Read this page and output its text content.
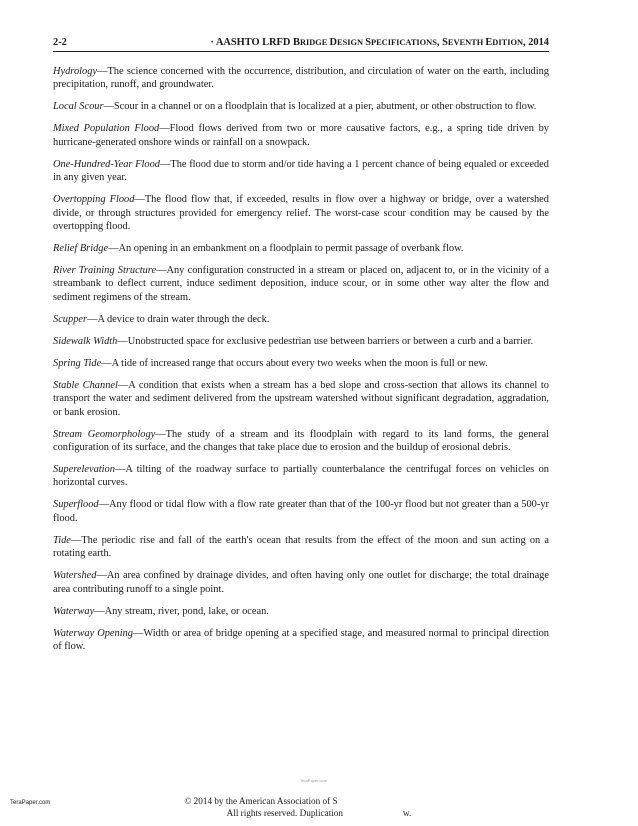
2-2	· AASHTO LRFD BRIDGE DESIGN SPECIFICATIONS, SEVENTH EDITION, 2014

Hydrology—The science concerned with the occurrence, distribution, and circulation of water on the earth, including precipitation, runoff, and groundwater.

Local Scour—Scour in a channel or on a floodplain that is localized at a pier, abutment, or other obstruction to flow.

Mixed Population Flood—Flood flows derived from two or more causative factors, e.g., a spring tide driven by hurricane-generated onshore winds or rainfall on a snowpack.

One-Hundred-Year Flood—The flood due to storm and/or tide having a 1 percent chance of being equaled or exceeded in any given year.

Overtopping Flood—The flood flow that, if exceeded, results in flow over a highway or bridge, over a watershed divide, or through structures provided for emergency relief. The worst-case scour condition may be caused by the overtopping flood.

Relief Bridge—An opening in an embankment on a floodplain to permit passage of overbank flow.

River Training Structure—Any configuration constructed in a stream or placed on, adjacent to, or in the vicinity of a streambank to deflect current, induce sediment deposition, induce scour, or in some other way alter the flow and sediment regimens of the stream.

Scupper—A device to drain water through the deck.

Sidewalk Width—Unobstructed space for exclusive pedestrian use between barriers or between a curb and a barrier.

Spring Tide—A tide of increased range that occurs about every two weeks when the moon is full or new.

Stable Channel—A condition that exists when a stream has a bed slope and cross-section that allows its channel to transport the water and sediment delivered from the upstream watershed without significant degradation, aggradation, or bank erosion.

Stream Geomorphology—The study of a stream and its floodplain with regard to its land forms, the general configuration of its surface, and the changes that take place due to erosion and the buildup of erosional debris.

Superelevation—A tilting of the roadway surface to partially counterbalance the centrifugal forces on vehicles on horizontal curves.

Superflood—Any flood or tidal flow with a flow rate greater than that of the 100-yr flood but not greater than a 500-yr flood.

Tide—The periodic rise and fall of the earth's ocean that results from the effect of the moon and sun acting on a rotating earth.

Watershed—An area confined by drainage divides, and often having only one outlet for discharge; the total drainage area contributing runoff to a single point.

Waterway—Any stream, river, pond, lake, or ocean.

Waterway Opening—Width or area of bridge opening at a specified stage, and measured normal to principal direction of flow.

TeraPaper.com
TeraPaper.com	© 2014 by the American Association of S
All rights reserved. Duplication	w.
